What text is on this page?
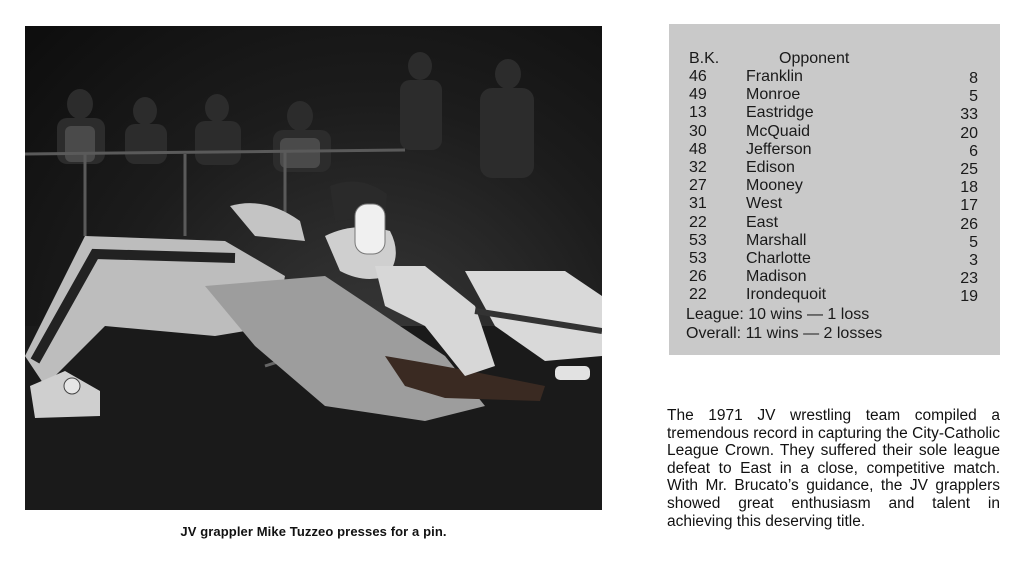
JV grappler Mike Tuzzeo presses for a pin.
B.K.	Opponent
46 Franklin	8
49 Monroe	5
13 Eastridge	33
30 McQuaid	20
48 Jefferson	6
32 Edison	25
27 Mooney	18
31 West	17
22 East	26
53 Marshall	5
53 Charlotte	3
26 Madison	23
22 Irondequoit	19
League: 10 wins — 1 loss
Overall: 11 wins — 2 losses
The 1971 JV wrestling team compiled a tremendous record in capturing the City-Catholic League Crown. They suffered their sole league defeat to East in a close, competitive match. With Mr. Brucato’s guidance, the JV grapplers showed great enthusiasm and talent in achieving this deserving title.
